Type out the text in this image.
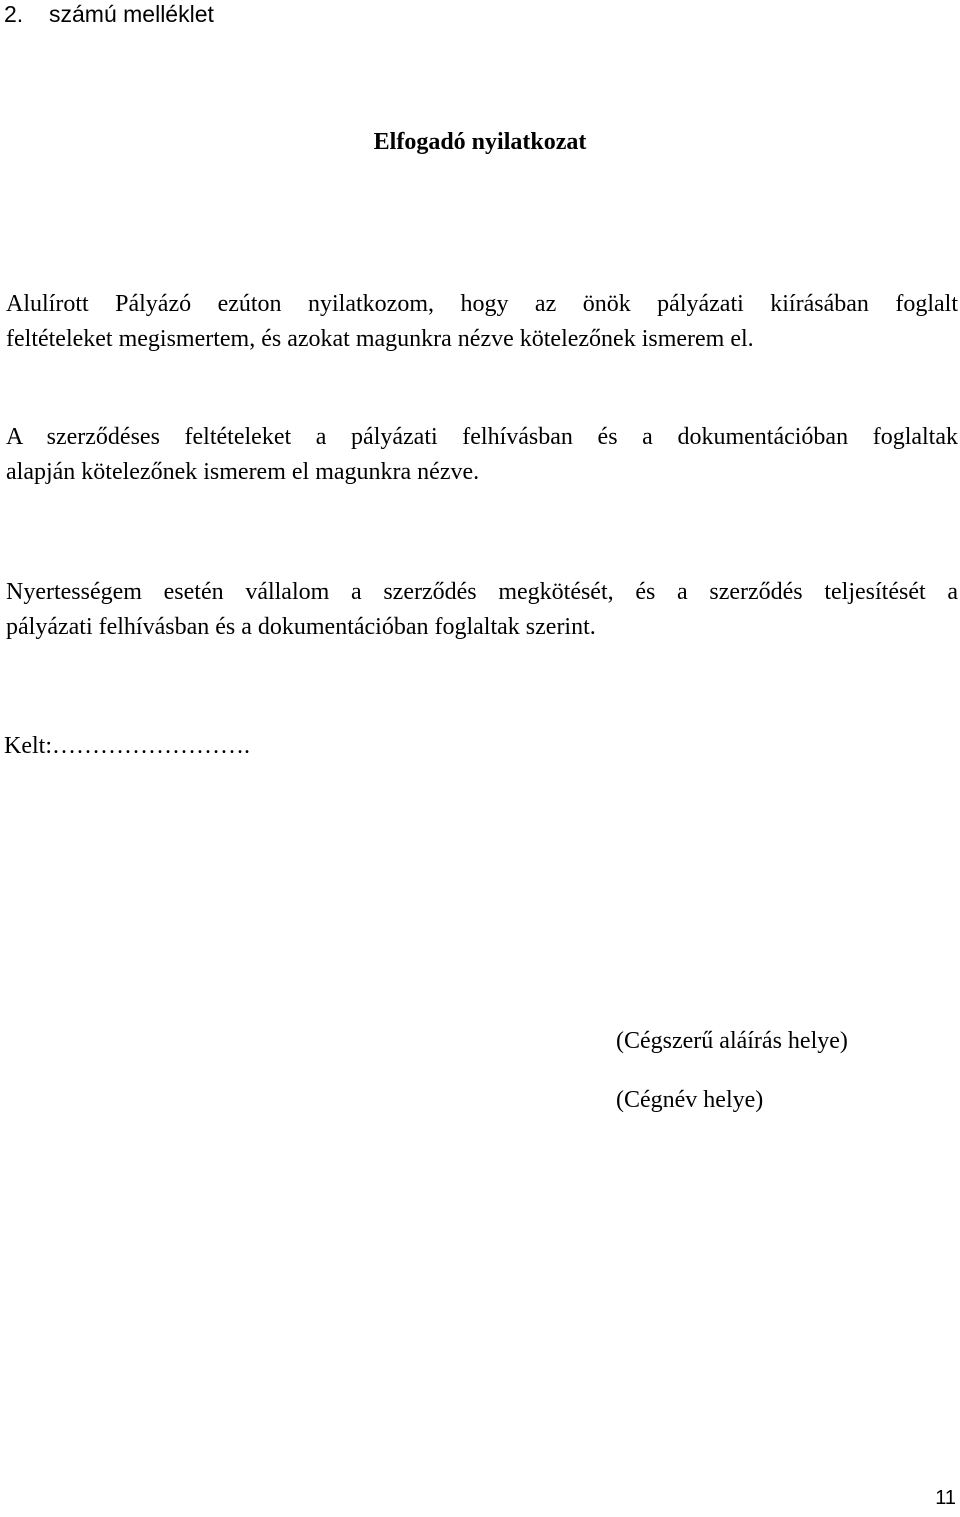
2. számú melléklet
Elfogadó nyilatkozat

Alulírott Pályázó ezúton nyilatkozom, hogy az önök pályázati kiírásában foglalt
feltételeket megismertem, és azokat magunkra nézve kötelezőnek ismerem el.

A szerződéses feltételeket a pályázati felhívásban és a dokumentációban foglaltak
alapján kötelezőnek ismerem el magunkra nézve.

Nyertességem esetén vállalom a szerződés megkötését, és a szerződés teljesítését a
pályázati felhívásban és a dokumentációban foglaltak szerint.

Kelt:…………………….
(Cégszerű aláírás helye)
(Cégnév helye)
11
